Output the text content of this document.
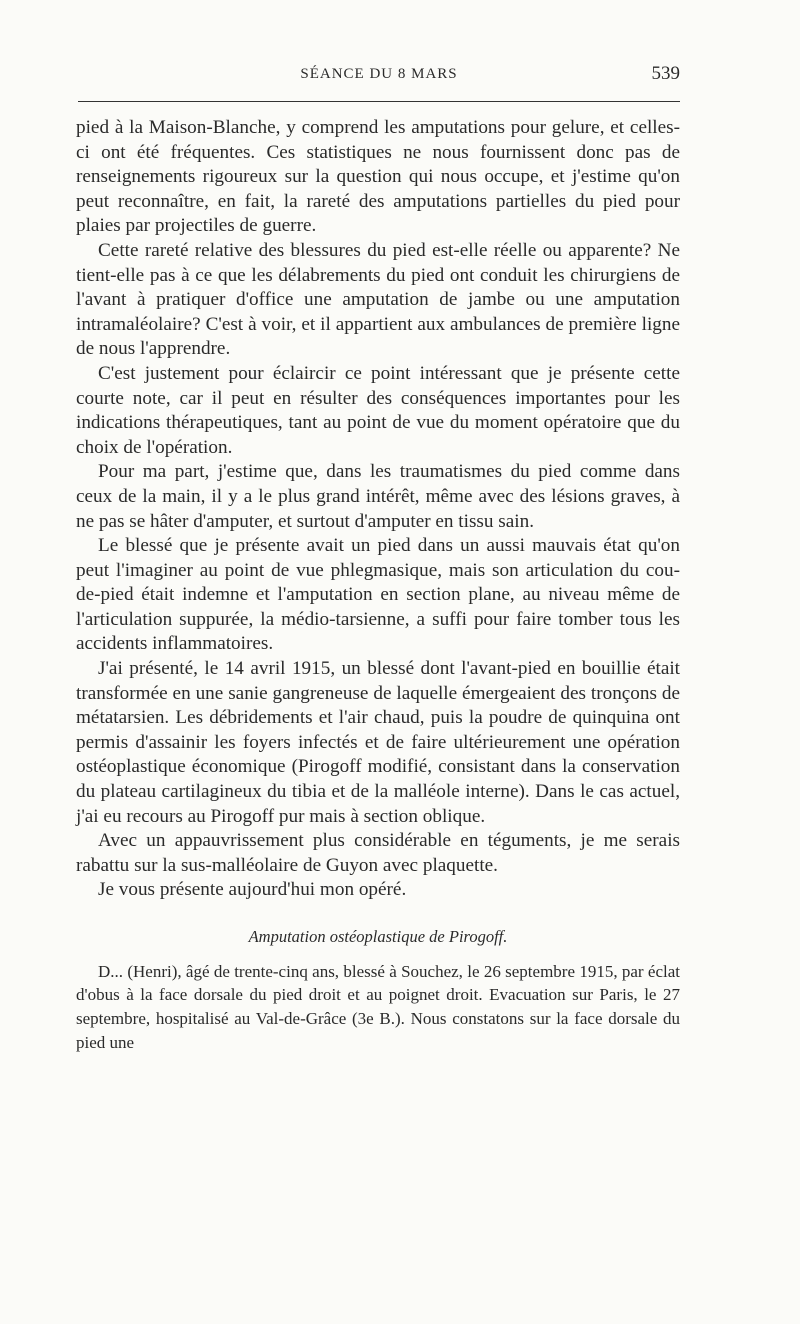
SÉANCE DU 8 MARS	539

pied à la Maison-Blanche, y comprend les amputations pour gelure, et celles-ci ont été fréquentes. Ces statistiques ne nous fournissent donc pas de renseignements rigoureux sur la question qui nous occupe, et j'estime qu'on peut reconnaître, en fait, la rareté des amputations partielles du pied pour plaies par projectiles de guerre.

Cette rareté relative des blessures du pied est-elle réelle ou apparente? Ne tient-elle pas à ce que les délabrements du pied ont conduit les chirurgiens de l'avant à pratiquer d'office une amputation de jambe ou une amputation intramaléolaire? C'est à voir, et il appartient aux ambulances de première ligne de nous l'apprendre.

C'est justement pour éclaircir ce point intéressant que je présente cette courte note, car il peut en résulter des conséquences importantes pour les indications thérapeutiques, tant au point de vue du moment opératoire que du choix de l'opération.

Pour ma part, j'estime que, dans les traumatismes du pied comme dans ceux de la main, il y a le plus grand intérêt, même avec des lésions graves, à ne pas se hâter d'amputer, et surtout d'amputer en tissu sain.

Le blessé que je présente avait un pied dans un aussi mauvais état qu'on peut l'imaginer au point de vue phlegmasique, mais son articulation du cou-de-pied était indemne et l'amputation en section plane, au niveau même de l'articulation suppurée, la médio-tarsienne, a suffi pour faire tomber tous les accidents inflammatoires.

J'ai présenté, le 14 avril 1915, un blessé dont l'avant-pied en bouillie était transformée en une sanie gangreneuse de laquelle émergeaient des tronçons de métatarsien. Les débridements et l'air chaud, puis la poudre de quinquina ont permis d'assainir les foyers infectés et de faire ultérieurement une opération ostéoplastique économique (Pirogoff modifié, consistant dans la conservation du plateau cartilagineux du tibia et de la malléole interne). Dans le cas actuel, j'ai eu recours au Pirogoff pur mais à section oblique.

Avec un appauvrissement plus considérable en téguments, je me serais rabattu sur la sus-malléolaire de Guyon avec plaquette.

Je vous présente aujourd'hui mon opéré.

Amputation ostéoplastique de Pirogoff.

D... (Henri), âgé de trente-cinq ans, blessé à Souchez, le 26 septembre 1915, par éclat d'obus à la face dorsale du pied droit et au poignet droit. Evacuation sur Paris, le 27 septembre, hospitalisé au Val-de-Grâce (3e B.). Nous constatons sur la face dorsale du pied une
